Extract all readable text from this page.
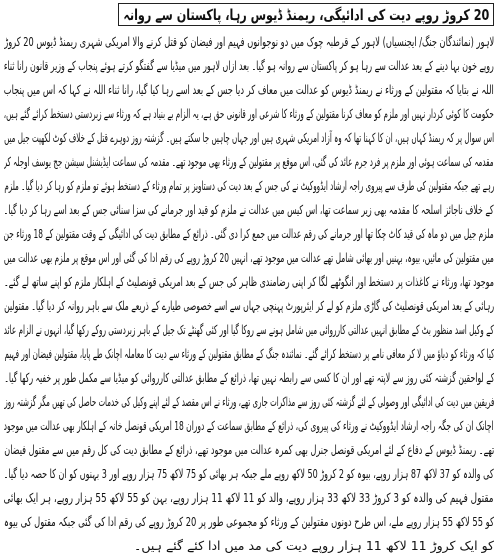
20 کروڑ روپے دیت کی ادائیگی، ریمنڈ ڈیوس رہا، پاکستان سے روانہ
لاہور (نمائندگان جنگ/ ایجنسیاں) لاہور کے قرطبہ چوک میں دو نوجوانوں فہیم اور فیضان کو قتل کرنے والا امریکی شہری ریمنڈ ڈیوس 20 کروڑ
روپے خون بہا دینے کے بعد عدالت سے رہا ہو کر پاکستان سے روانہ ہو گیا۔ بعد ازاں لاہور میں میڈیا سے گفتگو کرتے ہوئے پنجاب کے وزیر قانون رانا ثناء
اللہ نے بتایا کہ مقتولین کے ورثاء نے ریمنڈ ڈیوس کو عدالت میں معاف کر دیا جس کے بعد اسے رہا کیا گیا، رانا ثناء اللہ نے کہا کہ اس میں پنجاب
حکومت کا کوئی کردار نہیں اور ملزم کو معاف کرنا مقتولین کے ورثاء کا شرعی اور قانونی حق ہے، یہ الزام بے بنیاد ہے کہ ورثاء سے زبردستی دستخط کرائے گئے ہیں،
اس سوال پر کہ ریمنڈ کہاں ہیں، ان کا کہنا تھا کہ وہ آزاد امریکی شہری ہیں اور جہاں چاہیں جا سکتے ہیں۔ گزشتہ روز دوہرے قتل کے خلاف کوٹ لکھپت جیل میں
مقدمہ کی سماعت ہوئی اور ملزم پر فرد جرم عائد کی گئی، اس موقع پر مقتولین کے ورثاء بھی موجود تھے۔ مقدمہ کی سماعت ایڈیشنل سیشن جج یوسف اوجلہ کر
رہے تھے جبکہ مقتولین کی طرف سے پیروی راجہ ارشاد ایڈووکیٹ نے کی جس کے بعد دیت کی دستاویز پر تمام ورثاء کے دستخط ہوئے تو ملزم کو رہا کر دیا گیا۔ ملزم
کے خلاف ناجائز اسلحہ کا مقدمہ بھی زیر سماعت تھا، اس کیس میں عدالت نے ملزم کو قید اور جرمانے کی سزا سنائی جس کے بعد اسے رہا کر دیا گیا۔
ملزم جیل میں دو ماہ کی قید کاٹ چکا تھا اور جرمانے کی رقم عدالت میں جمع کرا دی گئی۔ ذرائع کے مطابق دیت کی ادائیگی کے وقت مقتولین کے 18 ورثاء جن
میں مقتولین کی مائیں، بیوہ، بہنیں اور بھائی شامل تھے عدالت میں موجود تھے، انہیں 20 کروڑ روپے کی رقم ادا کی گئی اور اس موقع پر ملزم بھی عدالت میں
موجود تھا، ورثاء نے کاغذات پر دستخط اور انگوٹھے لگا کر اپنی رضامندی ظاہر کی جس کے بعد امریکی قونصلیٹ کے اہلکار ملزم کو اپنے ساتھ لے گئے۔
رہائی کے بعد امریکی قونصلیٹ کی گاڑی ملزم کو لے کر ایئرپورٹ پہنچی جہاں سے اسے خصوصی طیارے کے ذریعے ملک سے باہر روانہ کر دیا گیا۔ مقتولین
کے وکیل اسد منظور بٹ کے مطابق انہیں عدالتی کارروائی میں شامل ہونے سے روکا گیا اور کئی گھنٹے تک جیل کے باہر زبردستی روکے رکھا گیا، انہوں نے الزام عائد
کیا کہ ورثاء کو دباؤ میں لا کر معافی نامے پر دستخط کرائے گئے۔ نمائندہ جنگ کے مطابق مقتولین کے ورثاء سے دیت کا معاملہ اچانک طے پایا، مقتولین فیضان اور فہیم
کے لواحقین گزشتہ کئی روز سے لاپتہ تھے اور ان کا کسی سے رابطہ نہیں تھا، ذرائع کے مطابق عدالتی کارروائی کو میڈیا سے مکمل طور پر خفیہ رکھا گیا۔
فریقین میں دیت کی ادائیگی اور وصولی کے لئے گزشتہ کئی روز سے مذاکرات جاری تھے، ورثاء نے اس مقصد کے لئے اپنے وکیل کی خدمات حاصل کی تھیں مگر گزشتہ روز
اچانک ان کی جگہ راجہ ارشاد ایڈووکیٹ نے ورثاء کی پیروی کی، ذرائع کے مطابق سماعت کے دوران 18 امریکی قونصل خانہ کے اہلکار بھی عدالت میں موجود
تھے۔ ریمنڈ ڈیوس کے دفاع کے لئے امریکی قونصل جنرل بھی کمرہ عدالت میں موجود تھے، ذرائع کے مطابق دیت کی کل رقم میں سے مقتول فیضان
کی والدہ کو 37 لاکھ 87 ہزار روپے، بیوہ کو 2 کروڑ 50 لاکھ روپے ملے جبکہ ہر بھائی کو 75 لاکھ 75 ہزار روپے اور 3 بہنوں کو ان کا حصہ دیا گیا۔
مقتول فہیم کی والدہ کو 3 کروڑ 33 لاکھ 33 ہزار روپے، والد کو 11 لاکھ 11 ہزار روپے، بہن کو 55 لاکھ 55 ہزار روپے، ہر ایک بھائی
کو 55 لاکھ 55 ہزار روپے ملے، اس طرح دونوں مقتولین کے ورثاء کو مجموعی طور پر 20 کروڑ روپے کی رقم ادا کی گئی جبکہ مقتول کی بیوہ
کو ایک کروڑ 11 لاکھ 11 ہزار روپے دیت کی مد میں ادا کئے گئے ہیں۔
